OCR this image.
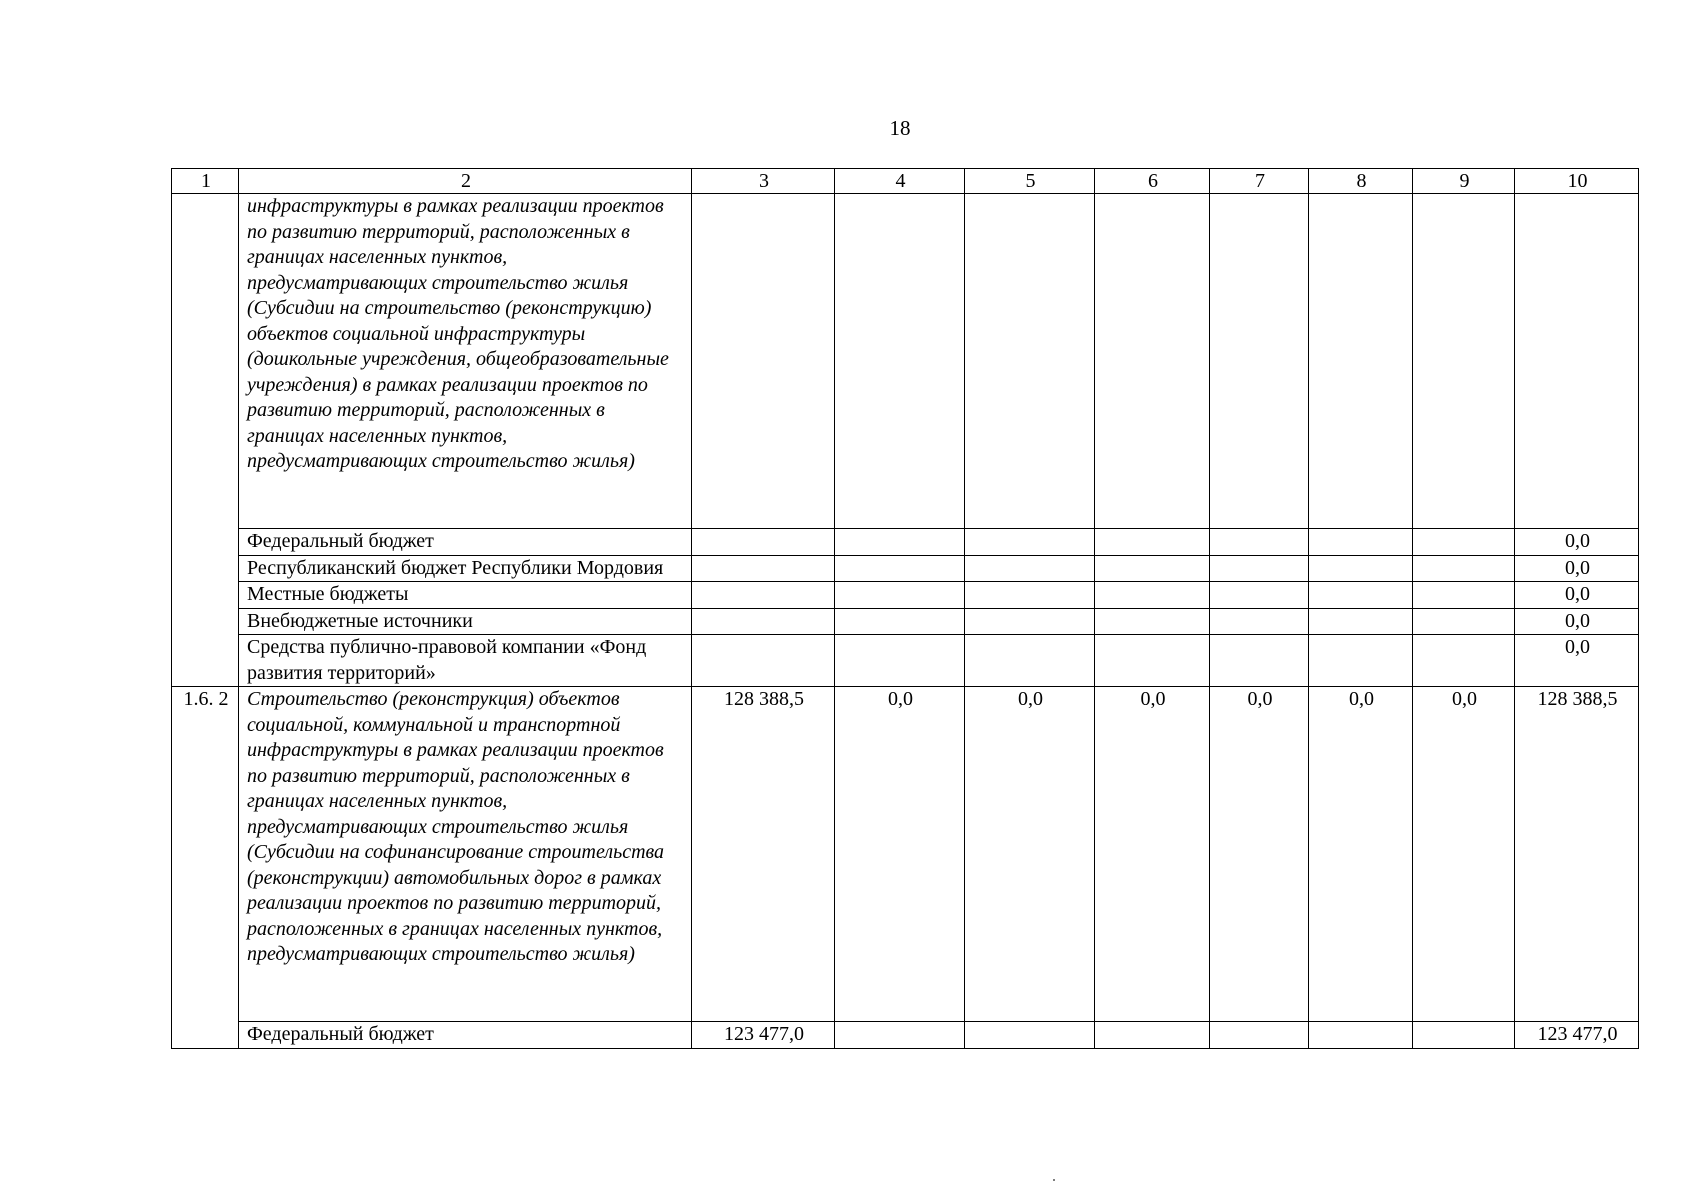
18
1	2	3	4	5	6	7	8	9	10
	инфраструктуры в рамках реализации проектов по развитию территорий, расположенных в границах населенных пунктов, предусматривающих строительство жилья (Субсидии на строительство (реконструкцию) объектов социальной инфраструктуры (дошкольные учреждения, общеобразовательные учреждения) в рамках реализации проектов по развитию территорий, расположенных в границах населенных пунктов, предусматривающих строительство жилья)								
	Федеральный бюджет								0,0
	Республиканский бюджет Республики Мордовия								0,0
	Местные бюджеты								0,0
	Внебюджетные источники								0,0
	Средства публично-правовой компании «Фонд развития территорий»								0,0
1.6. 2	Строительство (реконструкция) объектов социальной, коммунальной и транспортной инфраструктуры в рамках реализации проектов по развитию территорий, расположенных в границах населенных пунктов, предусматривающих строительство жилья (Субсидии на софинансирование строительства (реконструкции) автомобильных дорог в рамках реализации проектов по развитию территорий, расположенных в границах населенных пунктов, предусматривающих строительство жилья)	128 388,5	0,0	0,0	0,0	0,0	0,0	0,0	128 388,5
	Федеральный бюджет	123 477,0							123 477,0
